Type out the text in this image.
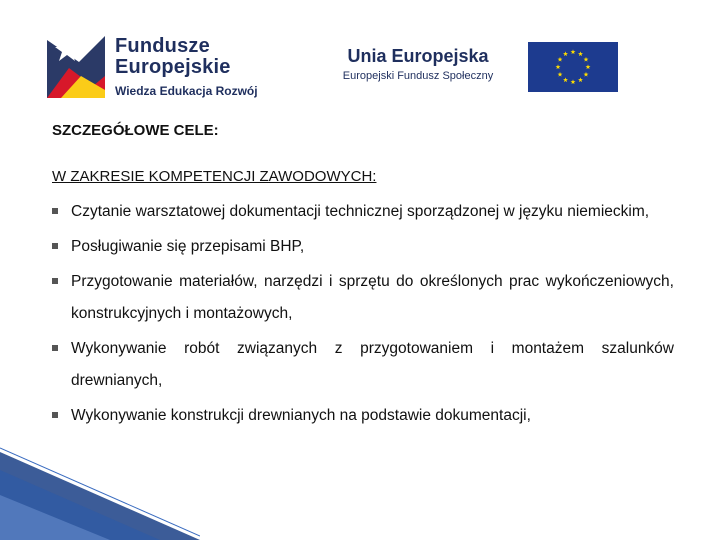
Fundusze
Europejskie
Wiedza Edukacja Rozwój
Unia Europejska
Europejski Fundusz Społeczny
SZCZEGÓŁOWE CELE:
W ZAKRESIE KOMPETENCJI ZAWODOWYCH:
Czytanie warsztatowej dokumentacji technicznej sporządzonej w języku niemieckim,
Posługiwanie się przepisami BHP,
Przygotowanie materiałów, narzędzi i sprzętu do określonych prac wykończeniowych, konstrukcyjnych i montażowych,
Wykonywanie robót związanych z przygotowaniem i montażem szalunków drewnianych,
Wykonywanie konstrukcji drewnianych na podstawie dokumentacji,
